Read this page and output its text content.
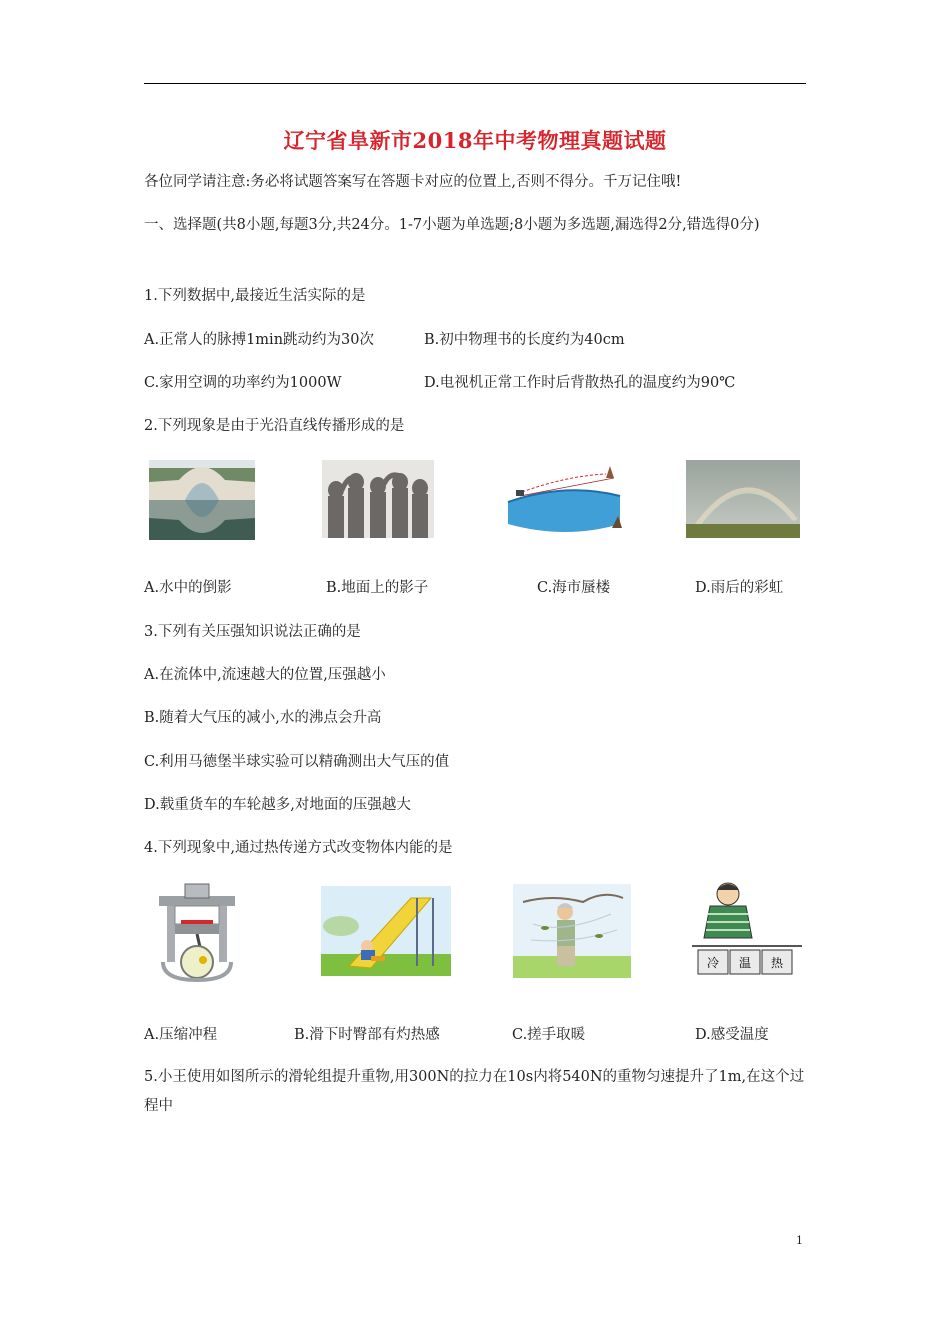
辽宁省阜新市2018年中考物理真题试题
各位同学请注意:务必将试题答案写在答题卡对应的位置上,否则不得分。千万记住哦!
一、选择题(共8小题,每题3分,共24分。1-7小题为单选题;8小题为多选题,漏选得2分,错选得0分)
1.下列数据中,最接近生活实际的是
A.正常人的脉搏1min跳动约为30次	B.初中物理书的长度约为40cm
C.家用空调的功率约为1000W	D.电视机正常工作时后背散热孔的温度约为90℃
2.下列现象是由于光沿直线传播形成的是
A.水中的倒影	B.地面上的影子	C.海市蜃楼	D.雨后的彩虹
3.下列有关压强知识说法正确的是
A.在流体中,流速越大的位置,压强越小
B.随着大气压的减小,水的沸点会升高
C.利用马德堡半球实验可以精确测出大气压的值
D.载重货车的车轮越多,对地面的压强越大
4.下列现象中,通过热传递方式改变物体内能的是
冷 温 热
A.压缩冲程	B.滑下时臀部有灼热感	C.搓手取暖	D.感受温度
5.小王使用如图所示的滑轮组提升重物,用300N的拉力在10s内将540N的重物匀速提升了1m,在这个过程中
1
